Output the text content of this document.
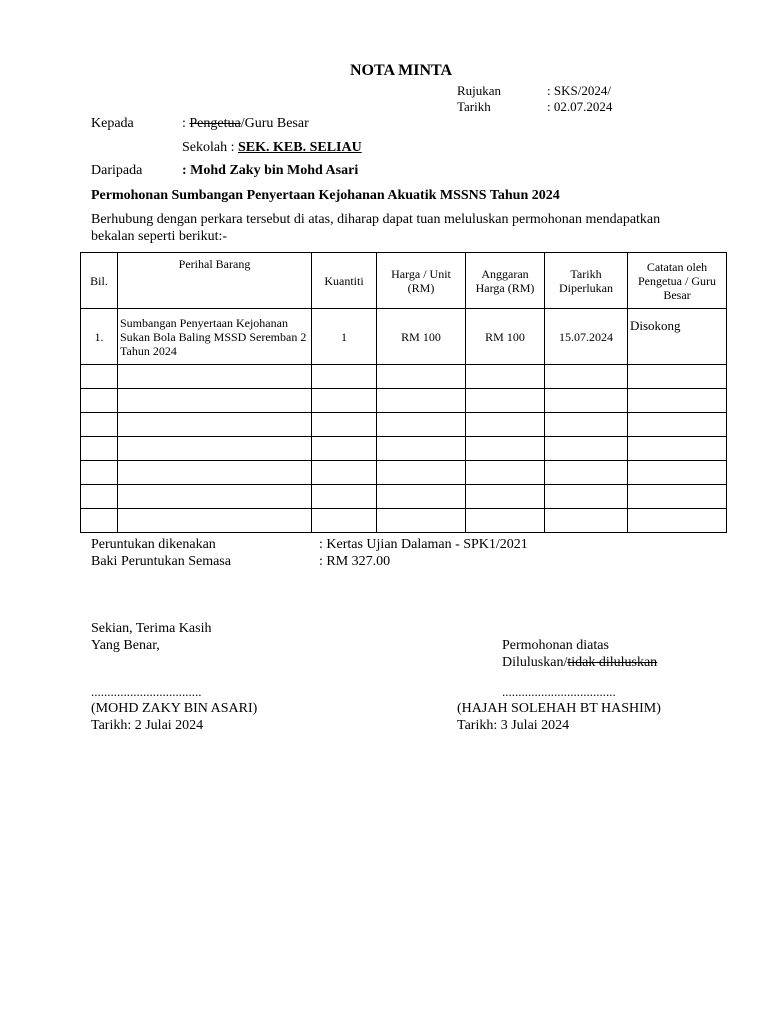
NOTA MINTA
Rujukan	: SKS/2024/
Tarikh	: 02.07.2024
Kepada	: Pengetua/Guru Besar
Sekolah : SEK. KEB. SELIAU
Daripada	: Mohd Zaky bin Mohd Asari
Permohonan Sumbangan Penyertaan Kejohanan Akuatik MSSNS Tahun 2024
Berhubung dengan perkara tersebut di atas, diharap dapat tuan meluluskan permohonan mendapatkan bekalan seperti berikut:-
Bil.	Perihal Barang	Kuantiti	Harga / Unit (RM)	Anggaran Harga (RM)	Tarikh Diperlukan	Catatan oleh Pengetua / Guru Besar
1.	Sumbangan Penyertaan Kejohanan Sukan Bola Baling MSSD Seremban 2 Tahun 2024	1	RM 100	RM 100	15.07.2024	Disokong

Peruntukan dikenakan	: Kertas Ujian Dalaman - SPK1/2021
Baki Peruntukan Semasa	: RM 327.00
Sekian, Terima Kasih
Yang Benar,	Permohonan diatas
Diluluskan/tidak diluluskan
..................................	...................................
(MOHD ZAKY BIN ASARI)	(HAJAH SOLEHAH BT HASHIM)
Tarikh: 2 Julai 2024	Tarikh: 3 Julai 2024
